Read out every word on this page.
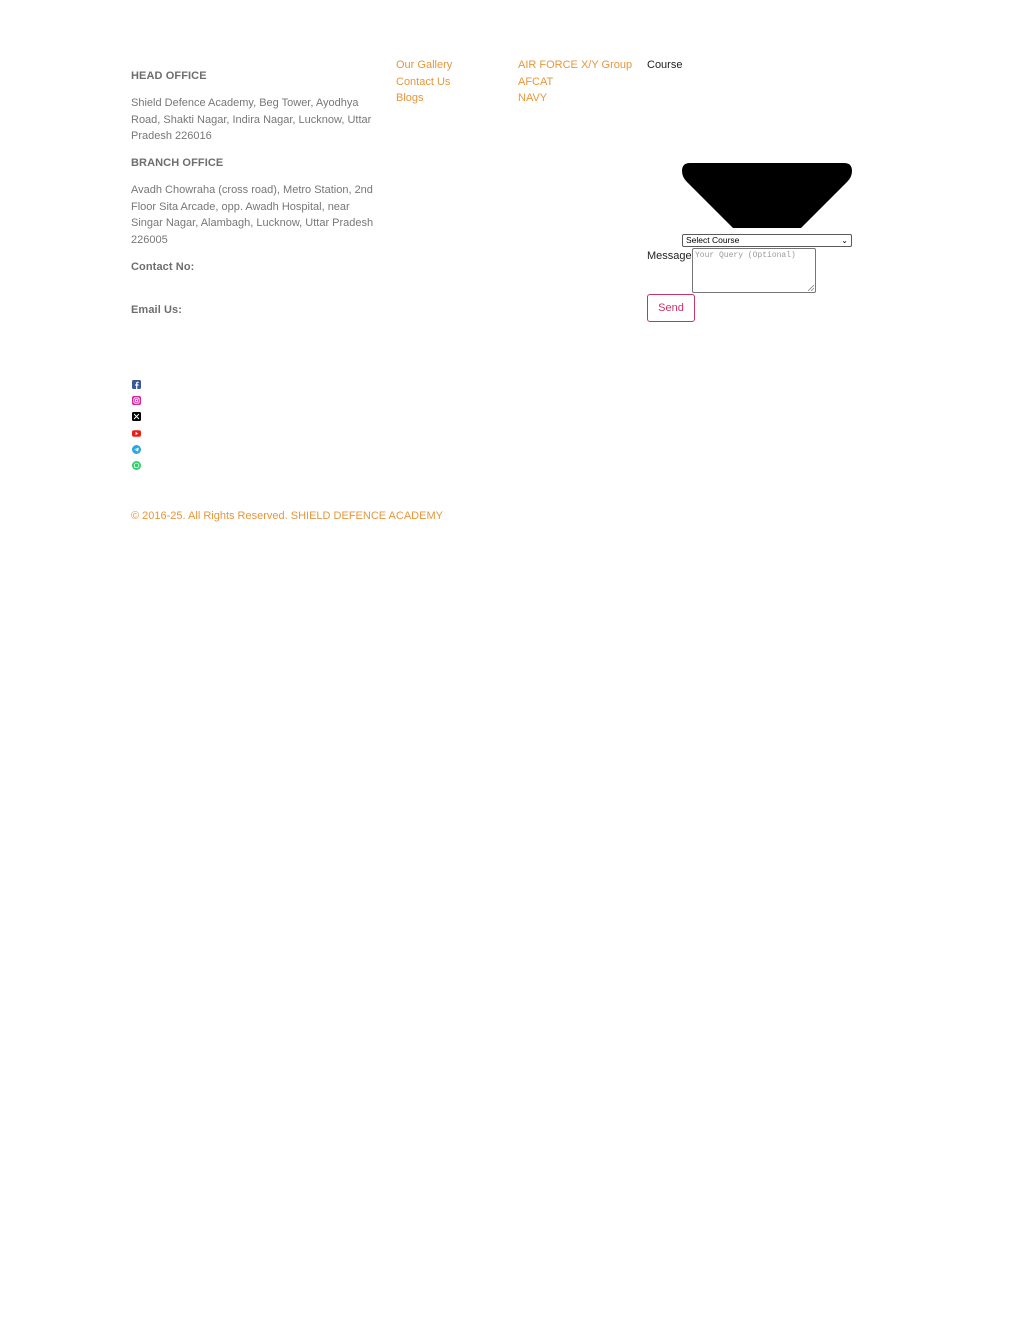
HEAD OFFICE
Shield Defence Academy, Beg Tower, Ayodhya Road, Shakti Nagar, Indira Nagar, Lucknow, Uttar Pradesh 226016
BRANCH OFFICE
Avadh Chowraha (cross road), Metro Station, 2nd Floor Sita Arcade, opp. Awadh Hospital, near Singar Nagar, Alambagh, Lucknow, Uttar Pradesh 226005
Contact No:
Email Us:
Our Gallery
Contact Us
Blogs
AIR FORCE X/Y Group
AFCAT
NAVY
Course
Select Course	⌄
Message Your Query (Optional)
Send
© 2016-25. All Rights Reserved. SHIELD DEFENCE ACADEMY
